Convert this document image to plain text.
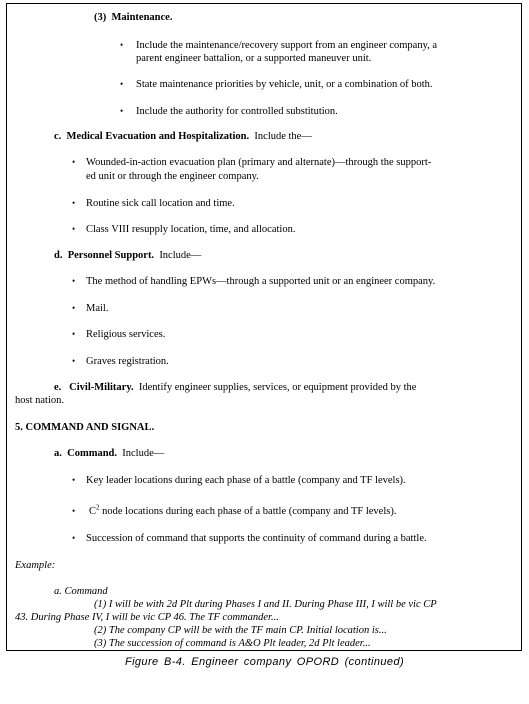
(3) Maintenance.
• Include the maintenance/recovery support from an engineer company, a
parent engineer battalion, or a supported maneuver unit.
• State maintenance priorities by vehicle, unit, or a combination of both.
• Include the authority for controlled substitution.
c. Medical Evacuation and Hospitalization. Include the—
• Wounded-in-action evacuation plan (primary and alternate)—through the support-
ed unit or through the engineer company.
• Routine sick call location and time.
• Class VIII resupply location, time, and allocation.
d. Personnel Support. Include—
• The method of handling EPWs—through a supported unit or an engineer company.
• Mail.
• Religious services.
• Graves registration.
e. Civil-Military. Identify engineer supplies, services, or equipment provided by the
host nation.
5. COMMAND AND SIGNAL.
a. Command. Include—
• Key leader locations during each phase of a battle (company and TF levels).
• $C^2$ node locations during each phase of a battle (company and TF levels).
• Succession of command that supports the continuity of command during a battle.
Example:
a. Command
(1) I will be with 2d Plt during Phases I and II. During Phase III, I will be vic CP
43. During Phase IV, I will be vic CP 46. The TF commander...
(2) The company CP will be with the TF main CP. Initial location is...
(3) The succession of command is A&O Plt leader, 2d Plt leader...
Figure B-4. Engineer company OPORD (continued)
